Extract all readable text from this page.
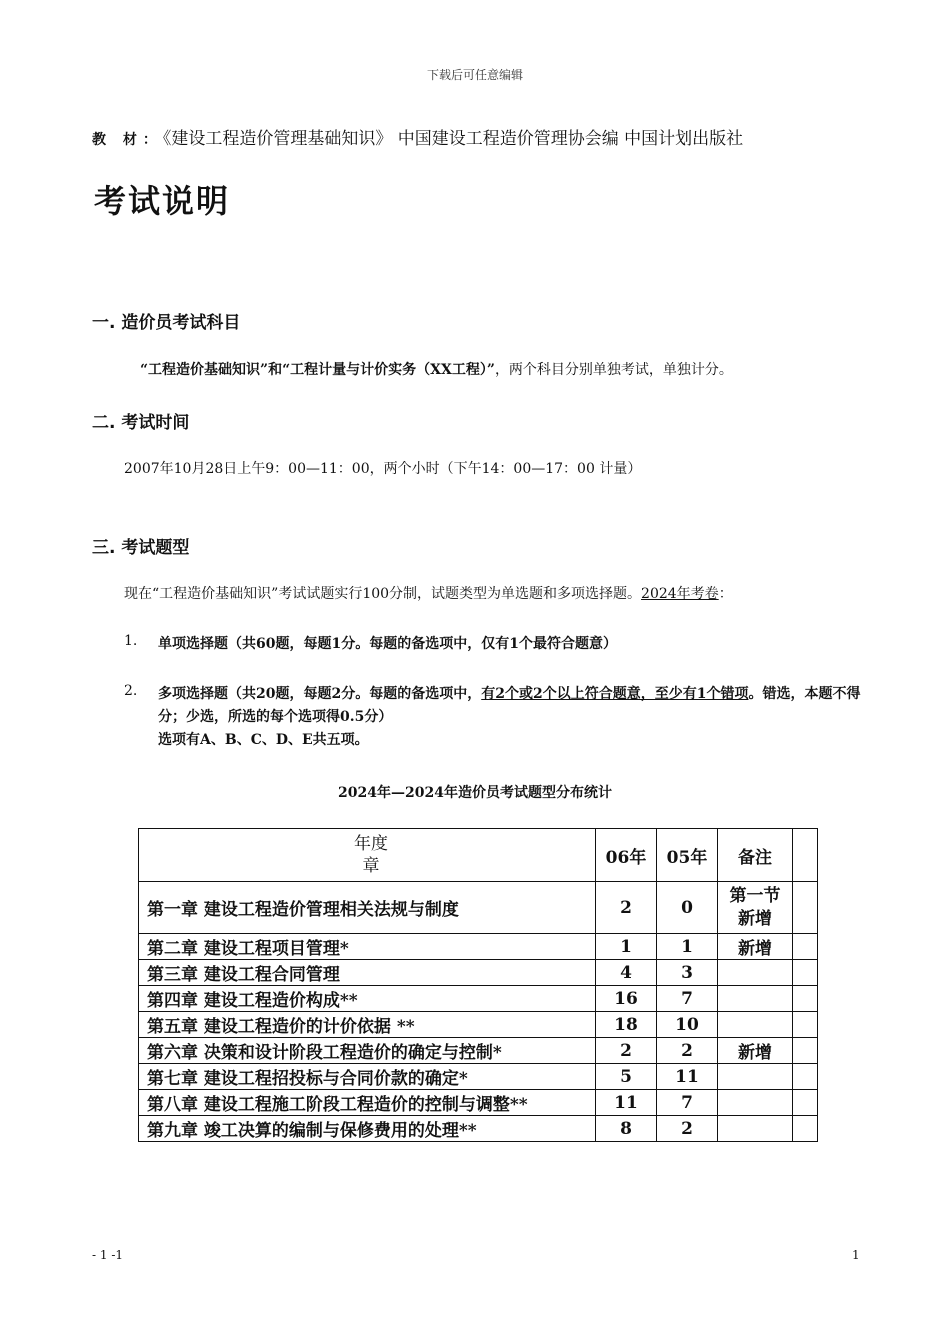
下载后可任意编辑
教 材：《建设工程造价管理基础知识》 中国建设工程造价管理协会编 中国计划出版社
考试说明
一. 造价员考试科目
“工程造价基础知识”和“工程计量与计价实务（XX工程）”，两个科目分别单独考试，单独计分。
二. 考试时间
2007年10月28日上午9：00—11：00，两个小时（下午14：00—17：00 计量）
三. 考试题型
现在“工程造价基础知识”考试试题实行100分制，试题类型为单选题和多项选择题。2024年考卷：
1. 单项选择题（共60题，每题1分。每题的备选项中，仅有1个最符合题意）
2. 多项选择题（共20题，每题2分。每题的备选项中，有2个或2个以上符合题意，至少有1个错项。错选，本题不得分；少选，所选的每个选项得0.5分）
选项有A、B、C、D、E共五项。
2024年—2024年造价员考试题型分布统计
年度
章	06年	05年	备注	
第一章 建设工程造价管理相关法规与制度	2	0	第一节新增	

第二章 建设工程项目管理*	1	1	新增	
第三章 建设工程合同管理	4	3		
第四章 建设工程造价构成**	16	7		
第五章 建设工程造价的计价依据 **	18	10		
第六章 决策和设计阶段工程造价的确定与控制*	2	2	新增	
第七章 建设工程招投标与合同价款的确定*	5	11		
第八章 建设工程施工阶段工程造价的控制与调整**	11	7		
第九章 竣工决算的编制与保修费用的处理**	8	2		
- 1 -1	1
